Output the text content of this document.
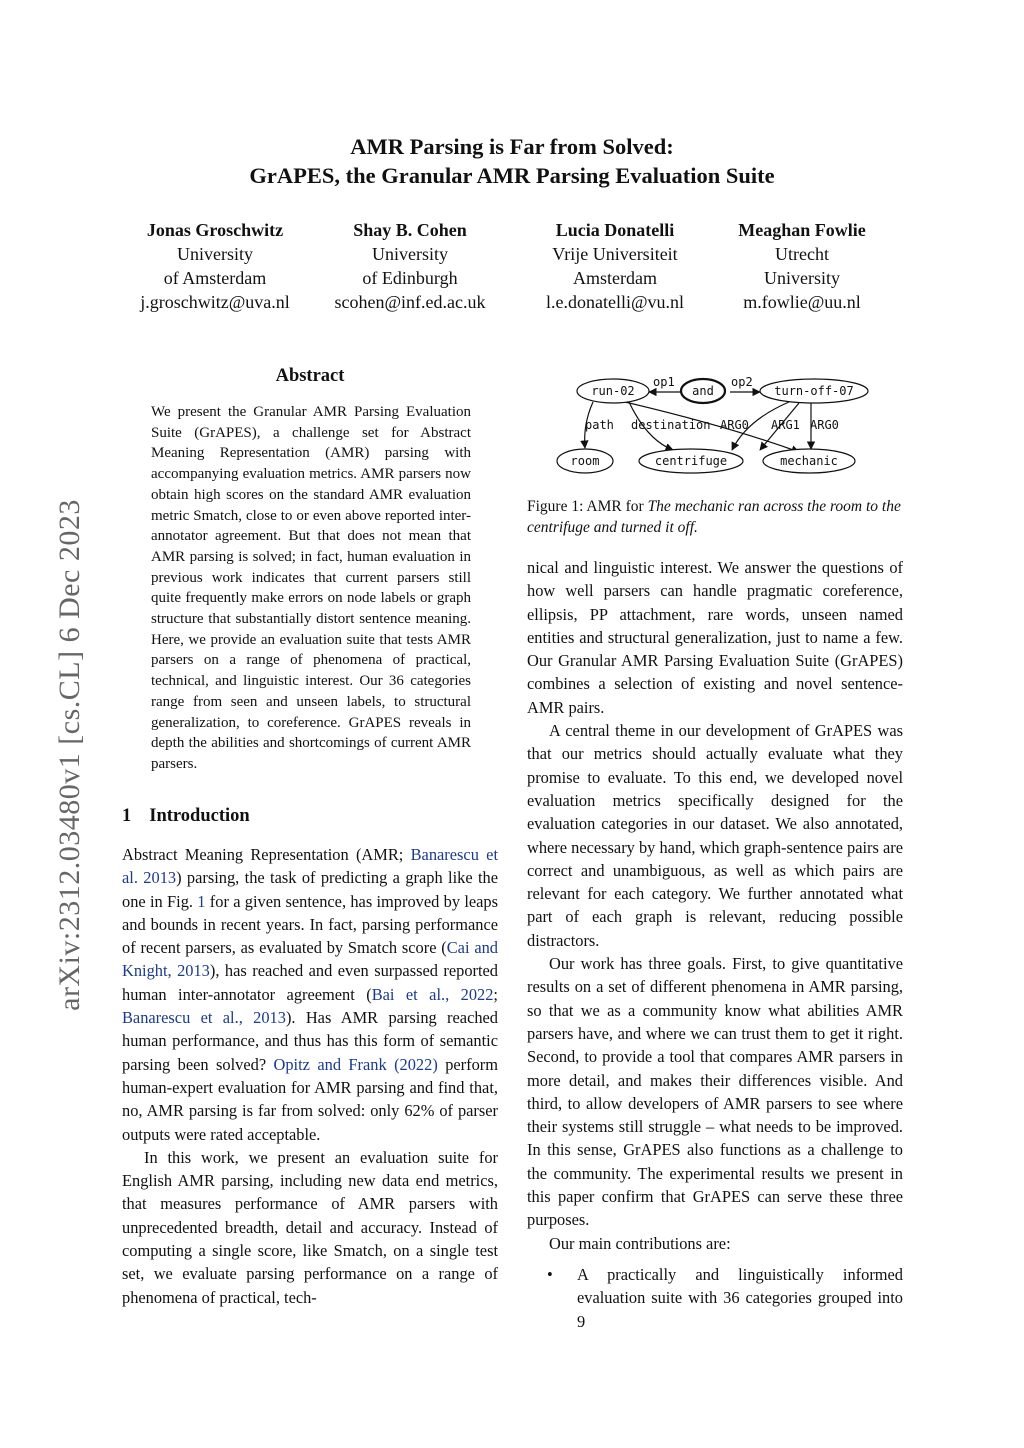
arXiv:2312.03480v1 [cs.CL] 6 Dec 2023
AMR Parsing is Far from Solved:
GrAPES, the Granular AMR Parsing Evaluation Suite
Jonas Groschwitz
University
of Amsterdam
j.groschwitz@uva.nl
Shay B. Cohen
University
of Edinburgh
scohen@inf.ed.ac.uk
Lucia Donatelli
Vrije Universiteit
Amsterdam
l.e.donatelli@vu.nl
Meaghan Fowlie
Utrecht
University
m.fowlie@uu.nl
Abstract
We present the Granular AMR Parsing Evaluation Suite (GrAPES), a challenge set for Abstract Meaning Representation (AMR) parsing with accompanying evaluation metrics. AMR parsers now obtain high scores on the standard AMR evaluation metric Smatch, close to or even above reported inter-annotator agreement. But that does not mean that AMR parsing is solved; in fact, human evaluation in previous work indicates that current parsers still quite frequently make errors on node labels or graph structure that substantially distort sentence meaning. Here, we provide an evaluation suite that tests AMR parsers on a range of phenomena of practical, technical, and linguistic interest. Our 36 categories range from seen and unseen labels, to structural generalization, to coreference. GrAPES reveals in depth the abilities and shortcomings of current AMR parsers.
1 Introduction

Abstract Meaning Representation (AMR; Banarescu et al. 2013) parsing, the task of predicting a graph like the one in Fig. 1 for a given sentence, has improved by leaps and bounds in recent years. In fact, parsing performance of recent parsers, as evaluated by Smatch score (Cai and Knight, 2013), has reached and even surpassed reported human inter-annotator agreement (Bai et al., 2022; Banarescu et al., 2013). Has AMR parsing reached human performance, and thus has this form of semantic parsing been solved? Opitz and Frank (2022) perform human-expert evaluation for AMR parsing and find that, no, AMR parsing is far from solved: only 62% of parser outputs were rated acceptable.

In this work, we present an evaluation suite for English AMR parsing, including new data end metrics, that measures performance of AMR parsers with unprecedented breadth, detail and accuracy. Instead of computing a single score, like Smatch, on a single test set, we evaluate parsing performance on a range of phenomena of practical, tech-

op1	op2
path destination ARG0 ARG1 ARG0
run-02	and	turn-off-07
room	centrifuge	mechanic
Figure 1: AMR for The mechanic ran across the room to the centrifuge and turned it off.

nical and linguistic interest. We answer the questions of how well parsers can handle pragmatic coreference, ellipsis, PP attachment, rare words, unseen named entities and structural generalization, just to name a few. Our Granular AMR Parsing Evaluation Suite (GrAPES) combines a selection of existing and novel sentence-AMR pairs.

A central theme in our development of GrAPES was that our metrics should actually evaluate what they promise to evaluate. To this end, we developed novel evaluation metrics specifically designed for the evaluation categories in our dataset. We also annotated, where necessary by hand, which graph-sentence pairs are correct and unambiguous, as well as which pairs are relevant for each category. We further annotated what part of each graph is relevant, reducing possible distractors.

Our work has three goals. First, to give quantitative results on a set of different phenomena in AMR parsing, so that we as a community know what abilities AMR parsers have, and where we can trust them to get it right. Second, to provide a tool that compares AMR parsers in more detail, and makes their differences visible. And third, to allow developers of AMR parsers to see where their systems still struggle – what needs to be improved. In this sense, GrAPES also functions as a challenge to the community. The experimental results we present in this paper confirm that GrAPES can serve these three purposes.

Our main contributions are:

•	A practically and linguistically informed evaluation suite with 36 categories grouped into 9
